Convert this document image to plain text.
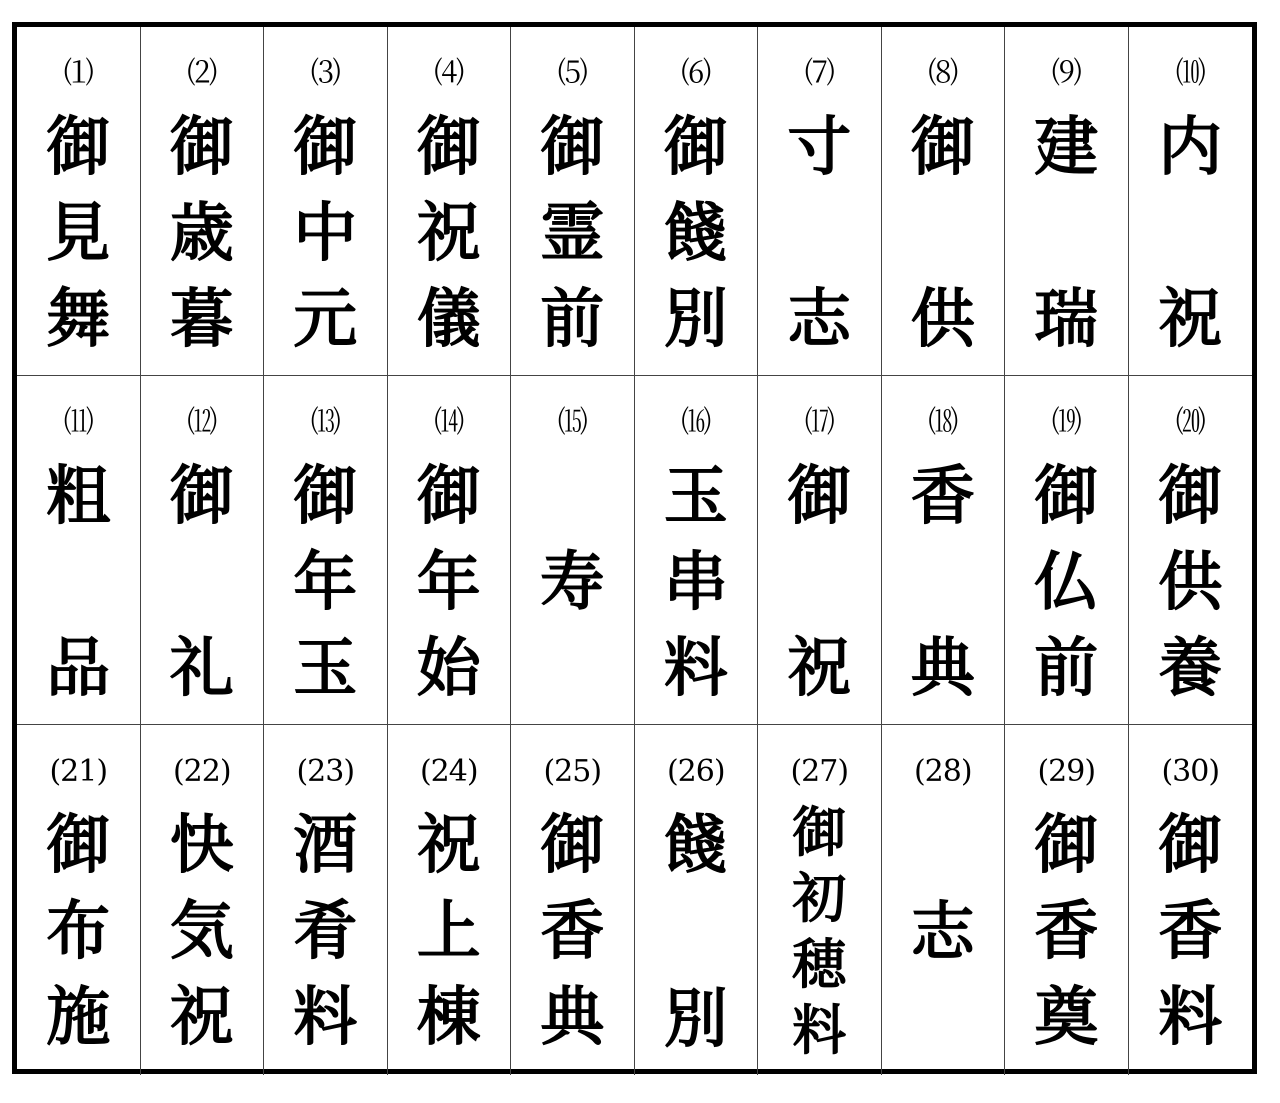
⑴
御
見
舞
⑵
御
歳
暮
⑶
御
中
元
⑷
御
祝
儀
⑸
御
霊
前
⑹
御
餞
別
⑺
寸
志
⑻
御
供
⑼
建
瑞
⑽
内
祝
⑾
粗
品
⑿
御
礼
⒀
御
年
玉
⒁
御
年
始
⒂
寿
⒃
玉
串
料
⒄
御
祝
⒅
香
典
⒆
御
仏
前
⒇
御
供
養
(21)
御
布
施
(22)
快
気
祝
(23)
酒
肴
料
(24)
祝
上
棟
(25)
御
香
典
(26)
餞
別
(27)
御
初
穂
料
(28)
志
(29)
御
香
奠
(30)
御
香
料
